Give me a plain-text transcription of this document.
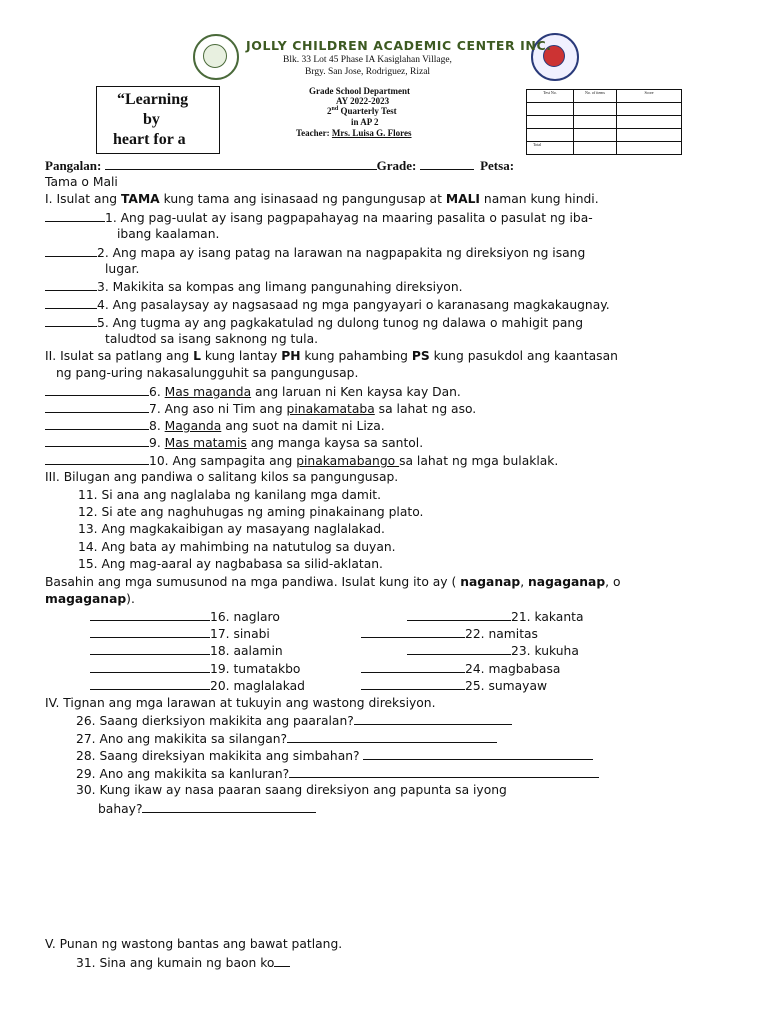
JOLLY CHILDREN ACADEMIC CENTER INC.
Blk. 33 Lot 45 Phase IA Kasiglahan Village,
Brgy. San Jose, Rodriguez, Rizal
“Learning
by
heart for a
Grade School Department
AY 2022-2023
2nd Quarterly Test
in AP 2
Teacher: Mrs. Luisa G. Flores
Test No.	No. of items	Score

Total		
Pangalan:	Grade:	Petsa:
Tama o Mali
I. Isulat ang TAMA kung tama ang isinasaad ng pangungusap at MALI naman kung hindi.
1. Ang pag-uulat ay isang pagpapahayag na maaring pasalita o pasulat ng iba-
ibang kaalaman.
2. Ang mapa ay isang patag na larawan na nagpapakita ng direksiyon ng isang
lugar.
3. Makikita sa kompas ang limang pangunahing direksiyon.
4. Ang pasalaysay ay nagsasaad ng mga pangyayari o karanasang magkakaugnay.
5. Ang tugma ay ang pagkakatulad ng dulong tunog ng dalawa o mahigit pang
taludtod sa isang saknong ng tula.
II. Isulat sa patlang ang L kung lantay PH kung pahambing PS kung pasukdol ang kaantasan
ng pang-uring nakasalungguhit sa pangungusap.
6. Mas maganda ang laruan ni Ken kaysa kay Dan.
7. Ang aso ni Tim ang pinakamataba sa lahat ng aso.
8. Maganda ang suot na damit ni Liza.
9. Mas matamis ang manga kaysa sa santol.
10. Ang sampagita ang pinakamabango sa lahat ng mga bulaklak.
III. Bilugan ang pandiwa o salitang kilos sa pangungusap.
11. Si ana ang naglalaba ng kanilang mga damit.
12. Si ate ang naghuhugas ng aming pinakainang plato.
13. Ang magkakaibigan ay masayang naglalakad.
14. Ang bata ay mahimbing na natutulog sa duyan.
15. Ang mag-aaral ay nagbabasa sa silid-aklatan.
Basahin ang mga sumusunod na mga pandiwa. Isulat kung ito ay ( naganap, nagaganap, o
magaganap).
16. naglaro
17. sinabi
18. aalamin
19. tumatakbo
20. maglalakad
21. kakanta
22. namitas
23. kukuha
24. magbabasa
25. sumayaw
IV. Tignan ang mga larawan at tukuyin ang wastong direksiyon.
26. Saang dierksiyon makikita ang paaralan?
27. Ano ang makikita sa silangan?
28. Saang direksiyan makikita ang simbahan?
29. Ano ang makikita sa kanluran?
30. Kung ikaw ay nasa paaran saang direksiyon ang papunta sa iyong
bahay?
V. Punan ng wastong bantas ang bawat patlang.
31. Sina ang kumain ng baon ko
